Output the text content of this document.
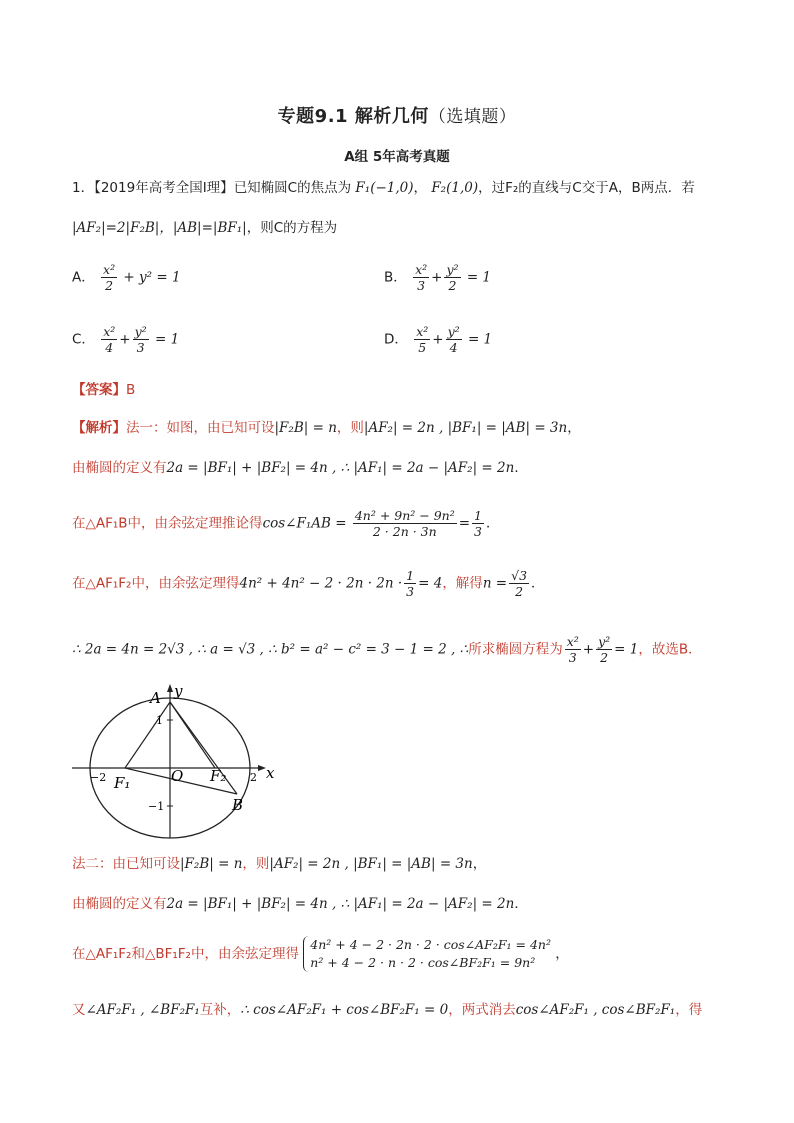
专题9.1 解析几何（选填题）
A组 5年高考真题
1．【2019年高考全国Ⅰ理】已知椭圆C的焦点为 F₁(−1,0)， F₂(1,0)，过F₂的直线与C交于A，B两点．若
|AF₂|=2|F₂B|，|AB|=|BF₁|，则C的方程为
A． $\frac{\text{x²}}{2} + y^2 = 1$	B． $\frac{\text{x²}}{3} + \frac{\text{y²}}{2} = 1$
C． $\frac{\text{x²}}{4} + \frac{\text{y²}}{3} = 1$	D． $\frac{\text{x²}}{5} + \frac{\text{y²}}{4} = 1$
【答案】B
【解析】法一：如图，由已知可设|F₂B| = n，则|AF₂| = 2n , |BF₁| = |AB| = 3n，
由椭圆的定义有2a = |BF₁| + |BF₂| = 4n , ∴ |AF₁| = 2a − |AF₂| = 2n．
在△AF₁B中，由余弦定理推论得cos∠F₁AB = $\frac{\text{4n² + 9n² − 9n²}}{2 \cdot 2n \cdot 3n} = \frac{1}{3}$ ．
在△AF₁F₂中，由余弦定理得$4n^2 + 4n^2 - 2 \cdot 2n \cdot 2n \cdot \frac{1}{3} = 4$，解得$n = \frac{√3}{2}$ ．
∴ 2a = 4n = 2√3 , ∴ a = √3 , ∴ b² = a² − c² = 3 − 1 = 2 , ∴所求椭圆方程为 $\frac{\text{x²}}{3} + \frac{\text{y²}}{2} = 1$，故选B．
−2	2
1
−1
x
y
A
F₁	O F₂
B
法二：由已知可设|F₂B| = n，则|AF₂| = 2n , |BF₁| = |AB| = 3n，
由椭圆的定义有2a = |BF₁| + |BF₂| = 4n , ∴ |AF₁| = 2a − |AF₂| = 2n．
在△AF₁F₂和△BF₁F₂中，由余弦定理得
4n² + 4 − 2 · 2n · 2 · cos∠AF₂F₁ = 4n²
n² + 4 − 2 · n · 2 · cos∠BF₂F₁ = 9n²
，
又∠AF₂F₁ , ∠BF₂F₁互补，∴ cos∠AF₂F₁ + cos∠BF₂F₁ = 0，两式消去cos∠AF₂F₁ , cos∠BF₂F₁，得
